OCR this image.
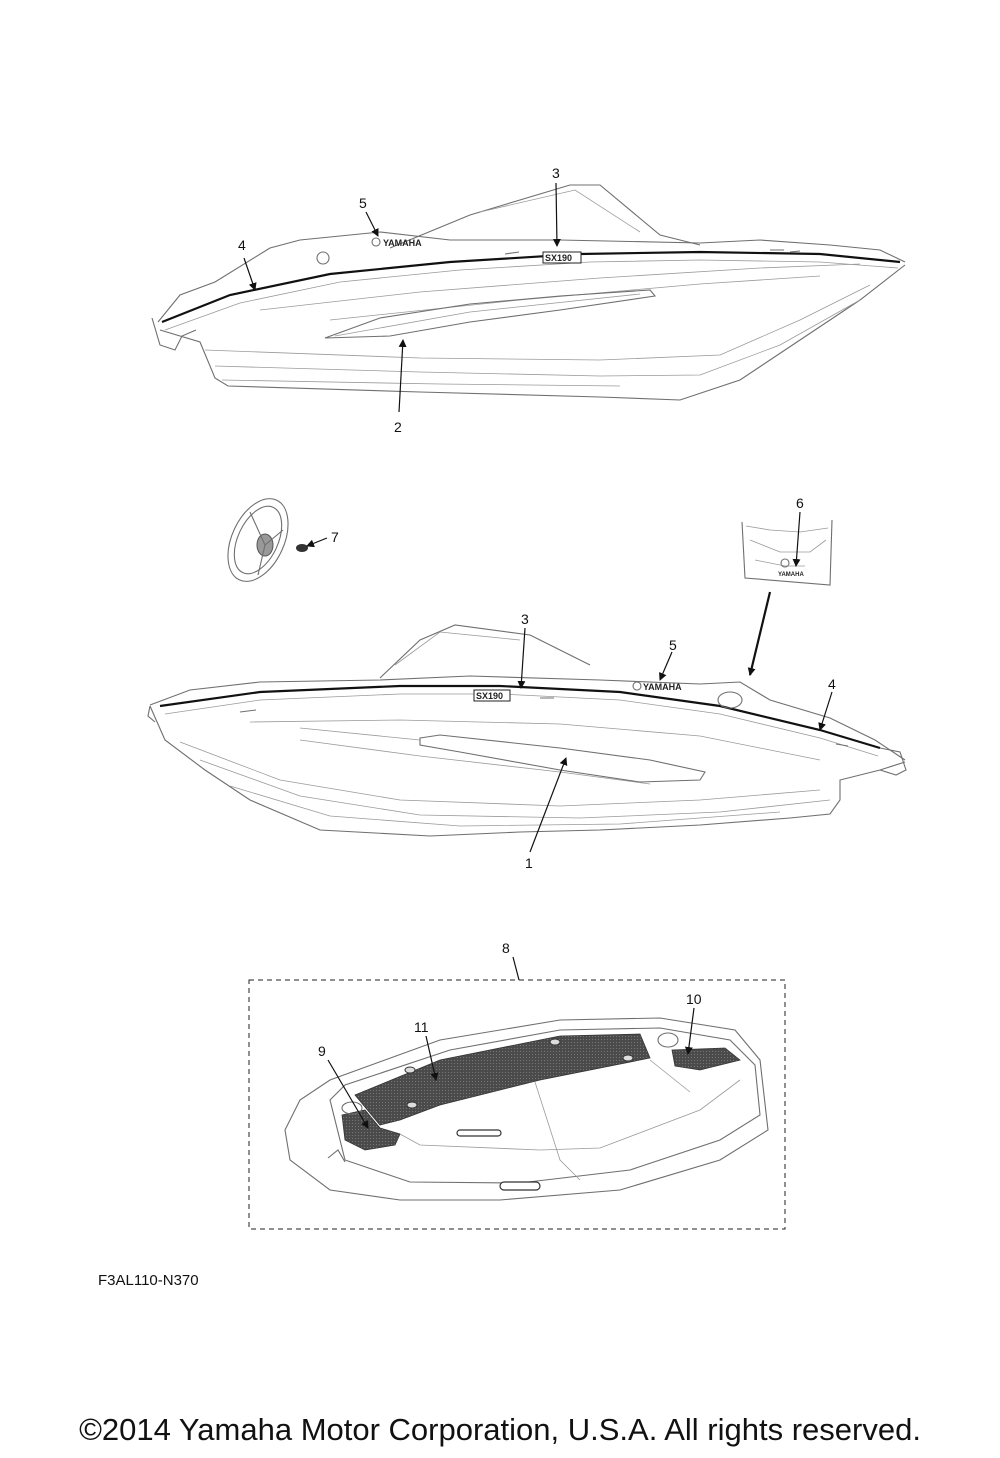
YAMAHA
SX190
3
5
4
2
7
YAMAHA
6
SX190
YAMAHA
3
5
4
1
8
11
10
9
F3AL110-N370
©2014 Yamaha Motor Corporation, U.S.A. All rights reserved.
